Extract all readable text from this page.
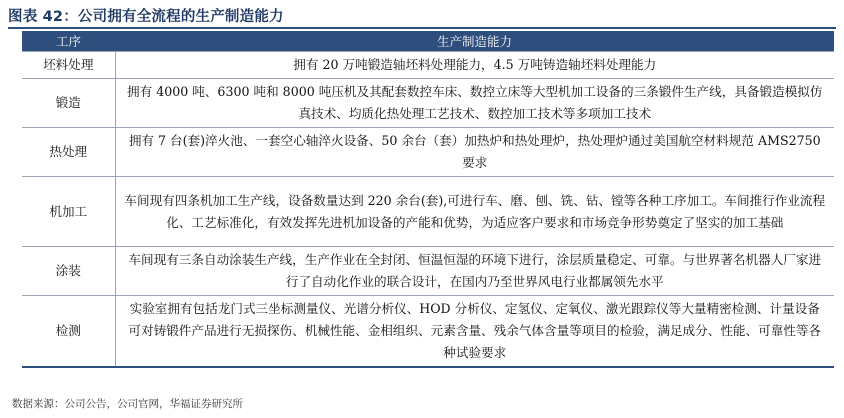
图表 42：公司拥有全流程的生产制造能力
工序	生产制造能力
坯料处理	拥有 20 万吨锻造轴坯料处理能力，4.5 万吨铸造轴坯料处理能力
锻造	拥有 4000 吨、6300 吨和 8000 吨压机及其配套数控车床、数控立床等大型机加工设备的三条锻件生产线，具备锻造模拟仿真技术、均质化热处理工艺技术、数控加工技术等多项加工技术
热处理	拥有 7 台(套)淬火池、一套空心轴淬火设备、50 余台（套）加热炉和热处理炉，热处理炉通过美国航空材料规范 AMS2750 要求
机加工	车间现有四条机加工生产线，设备数量达到 220 余台(套),可进行车、磨、刨、铣、钻、镗等各种工序加工。车间推行作业流程化、工艺标准化，有效发挥先进机加设备的产能和优势，为适应客户要求和市场竞争形势奠定了坚实的加工基础
涂装	车间现有三条自动涂装生产线，生产作业在全封闭、恒温恒湿的环境下进行，涂层质量稳定、可靠。与世界著名机器人厂家进行了自动化作业的联合设计，在国内乃至世界风电行业都属领先水平
检测	实验室拥有包括龙门式三坐标测量仪、光谱分析仪、HOD 分析仪、定氢仪、定氧仪、激光跟踪仪等大量精密检测、计量设备可对铸锻件产品进行无损探伤、机械性能、金相组织、元素含量、残余气体含量等项目的检验，满足成分、性能、可靠性等各种试验要求
数据来源：公司公告，公司官网，华福证券研究所
